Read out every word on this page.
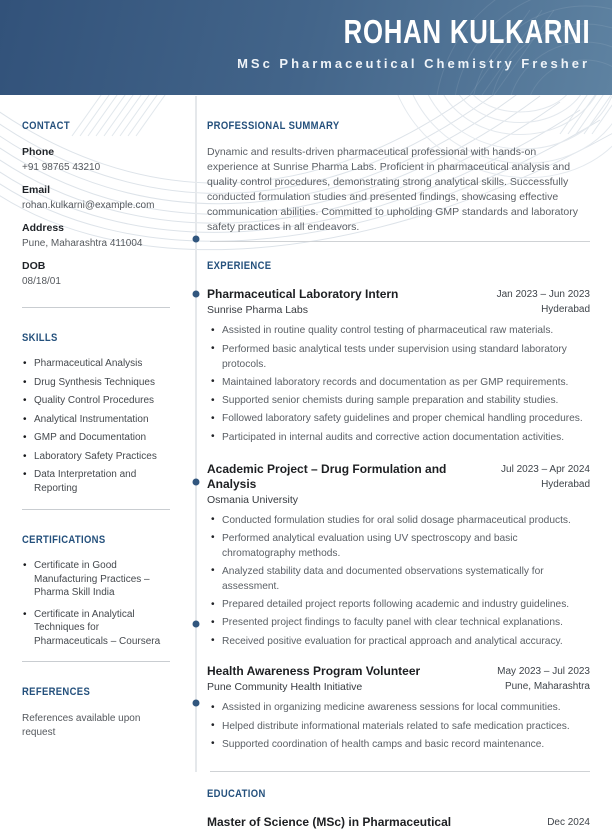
ROHAN KULKARNI
MSc Pharmaceutical Chemistry Fresher
CONTACT
Phone
+91 98765 43210
Email
rohan.kulkarni@example.com
Address
Pune, Maharashtra 411004
DOB
08/18/01
SKILLS
• Pharmaceutical Analysis
• Drug Synthesis Techniques
• Quality Control Procedures
• Analytical Instrumentation
• GMP and Documentation
• Laboratory Safety Practices
• Data Interpretation and Reporting
CERTIFICATIONS
• Certificate in Good Manufacturing Practices – Pharma Skill India
• Certificate in Analytical Techniques for Pharmaceuticals – Coursera
REFERENCES
References available upon request
PROFESSIONAL SUMMARY

Dynamic and results-driven pharmaceutical professional with hands-on experience at Sunrise Pharma Labs. Proficient in pharmaceutical analysis and quality control procedures, demonstrating strong analytical skills. Successfully conducted formulation studies and presented findings, showcasing effective communication abilities. Committed to upholding GMP standards and laboratory safety practices in all endeavors.

EXPERIENCE
Pharmaceutical Laboratory Intern
Sunrise Pharma Labs
Jan 2023 – Jun 2023
Hyderabad
• Assisted in routine quality control testing of pharmaceutical raw materials.
• Performed basic analytical tests under supervision using standard laboratory protocols.
• Maintained laboratory records and documentation as per GMP requirements.
• Supported senior chemists during sample preparation and stability studies.
• Followed laboratory safety guidelines and proper chemical handling procedures.
• Participated in internal audits and corrective action documentation activities.
Academic Project – Drug Formulation and Analysis
Osmania University
Jul 2023 – Apr 2024
Hyderabad
• Conducted formulation studies for oral solid dosage pharmaceutical products.
• Performed analytical evaluation using UV spectroscopy and basic chromatography methods.
• Analyzed stability data and documented observations systematically for assessment.
• Prepared detailed project reports following academic and industry guidelines.
• Presented project findings to faculty panel with clear technical explanations.
• Received positive evaluation for practical approach and analytical accuracy.
Health Awareness Program Volunteer
Pune Community Health Initiative
May 2023 – Jul 2023
Pune, Maharashtra
• Assisted in organizing medicine awareness sessions for local communities.
• Helped distribute informational materials related to safe medication practices.
• Supported coordination of health camps and basic record maintenance.
EDUCATION
Master of Science (MSc) in Pharmaceutical	Dec 2024
